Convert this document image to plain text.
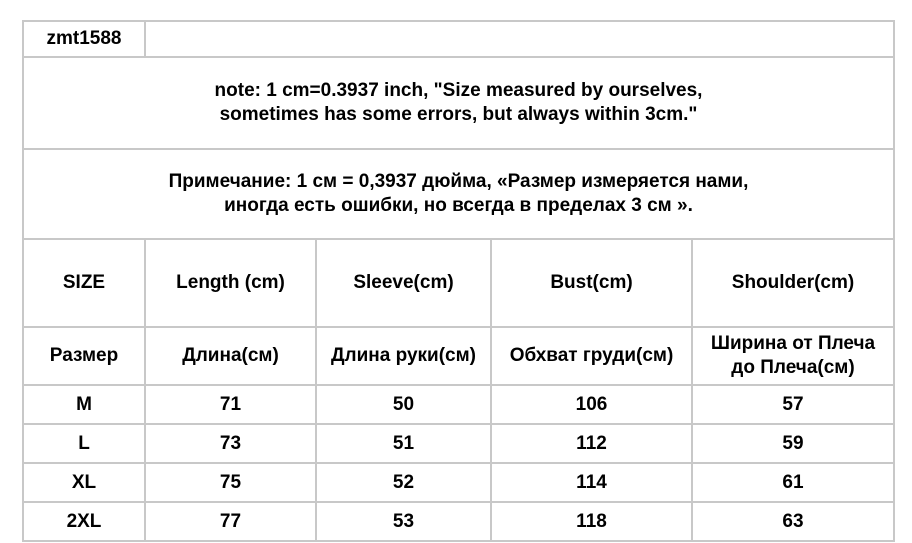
zmt1588				

note: 1 cm=0.3937 inch, "Size measured by ourselves,
sometimes has some errors, but always within 3cm."				

Примечание: 1 см = 0,3937 дюйма, «Размер измеряется нами,
иногда есть ошибки, но всегда в пределах 3 см ».				

SIZE	Length (cm)	Sleeve(cm)	Bust(cm)	Shoulder(cm)
Размер	Длина(см)	Длина руки(см)	Обхват груди(см)	Ширина от Плеча
до Плеча(см)

M	71	50	106	57
L	73	51	112	59
XL	75	52	114	61
2XL	77	53	118	63
